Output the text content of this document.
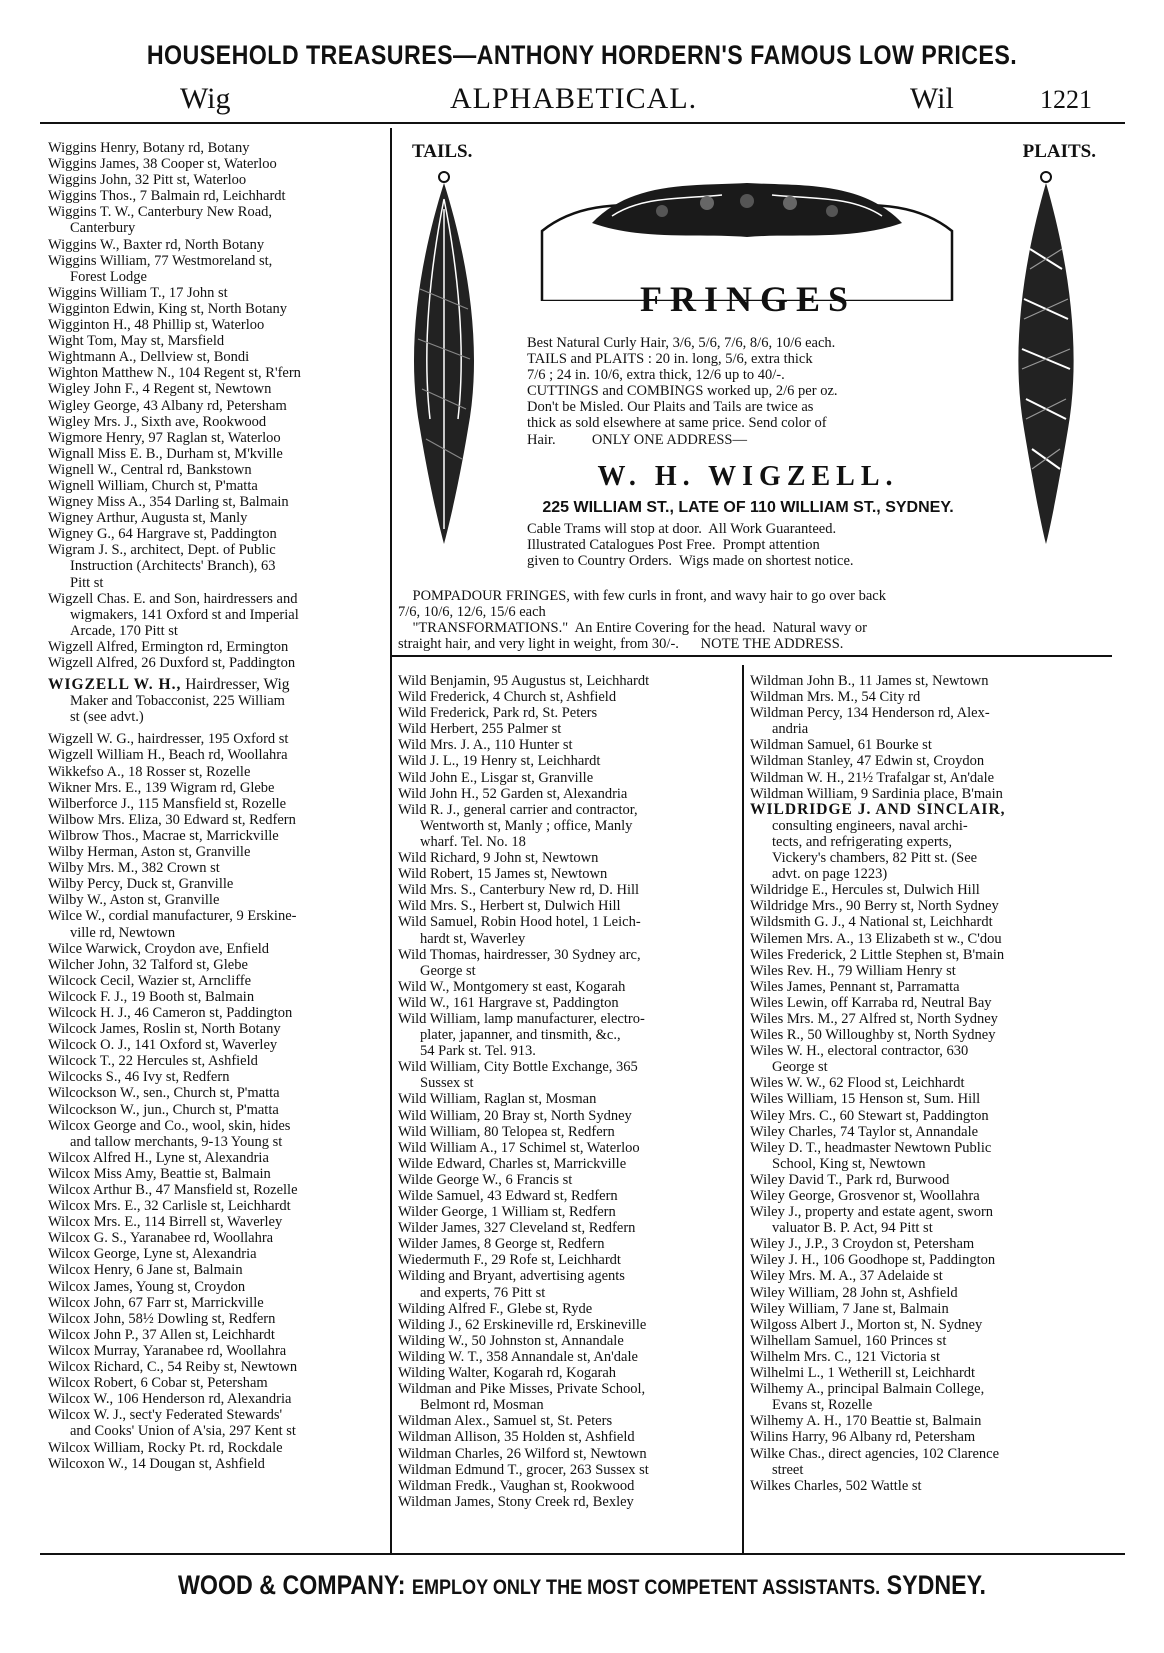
HOUSEHOLD TREASURES—ANTHONY HORDERN'S FAMOUS LOW PRICES.
Wig	ALPHABETICAL.	Wil	1221
Wiggins Henry, Botany rd, Botany
Wiggins James, 38 Cooper st, Waterloo
Wiggins John, 32 Pitt st, Waterloo
Wiggins Thos., 7 Balmain rd, Leichhardt
Wiggins T. W., Canterbury New Road,
Canterbury
Wiggins W., Baxter rd, North Botany
Wiggins William, 77 Westmoreland st,
Forest Lodge
Wiggins William T., 17 John st
Wigginton Edwin, King st, North Botany
Wigginton H., 48 Phillip st, Waterloo
Wight Tom, May st, Marsfield
Wightmann A., Dellview st, Bondi
Wighton Matthew N., 104 Regent st, R'fern
Wigley John F., 4 Regent st, Newtown
Wigley George, 43 Albany rd, Petersham
Wigley Mrs. J., Sixth ave, Rookwood
Wigmore Henry, 97 Raglan st, Waterloo
Wignall Miss E. B., Durham st, M'kville
Wignell W., Central rd, Bankstown
Wignell William, Church st, P'matta
Wigney Miss A., 354 Darling st, Balmain
Wigney Arthur, Augusta st, Manly
Wigney G., 64 Hargrave st, Paddington
Wigram J. S., architect, Dept. of Public
Instruction (Architects' Branch), 63
Pitt st
Wigzell Chas. E. and Son, hairdressers and
wigmakers, 141 Oxford st and Imperial
Arcade, 170 Pitt st
Wigzell Alfred, Ermington rd, Ermington
Wigzell Alfred, 26 Duxford st, Paddington
WIGZELL W. H., Hairdresser, Wig
Maker and Tobacconist, 225 William
st (see advt.)
Wigzell W. G., hairdresser, 195 Oxford st
Wigzell William H., Beach rd, Woollahra
Wikkefso A., 18 Rosser st, Rozelle
Wikner Mrs. E., 139 Wigram rd, Glebe
Wilberforce J., 115 Mansfield st, Rozelle
Wilbow Mrs. Eliza, 30 Edward st, Redfern
Wilbrow Thos., Macrae st, Marrickville
Wilby Herman, Aston st, Granville
Wilby Mrs. M., 382 Crown st
Wilby Percy, Duck st, Granville
Wilby W., Aston st, Granville
Wilce W., cordial manufacturer, 9 Erskine-
ville rd, Newtown
Wilce Warwick, Croydon ave, Enfield
Wilcher John, 32 Talford st, Glebe
Wilcock Cecil, Wazier st, Arncliffe
Wilcock F. J., 19 Booth st, Balmain
Wilcock H. J., 46 Cameron st, Paddington
Wilcock James, Roslin st, North Botany
Wilcock O. J., 141 Oxford st, Waverley
Wilcock T., 22 Hercules st, Ashfield
Wilcocks S., 46 Ivy st, Redfern
Wilcockson W., sen., Church st, P'matta
Wilcockson W., jun., Church st, P'matta
Wilcox George and Co., wool, skin, hides
and tallow merchants, 9-13 Young st
Wilcox Alfred H., Lyne st, Alexandria
Wilcox Miss Amy, Beattie st, Balmain
Wilcox Arthur B., 47 Mansfield st, Rozelle
Wilcox Mrs. E., 32 Carlisle st, Leichhardt
Wilcox Mrs. E., 114 Birrell st, Waverley
Wilcox G. S., Yaranabee rd, Woollahra
Wilcox George, Lyne st, Alexandria
Wilcox Henry, 6 Jane st, Balmain
Wilcox James, Young st, Croydon
Wilcox John, 67 Farr st, Marrickville
Wilcox John, 58½ Dowling st, Redfern
Wilcox John P., 37 Allen st, Leichhardt
Wilcox Murray, Yaranabee rd, Woollahra
Wilcox Richard, C., 54 Reiby st, Newtown
Wilcox Robert, 6 Cobar st, Petersham
Wilcox W., 106 Henderson rd, Alexandria
Wilcox W. J., sect'y Federated Stewards'
and Cooks' Union of A'sia, 297 Kent st
Wilcox William, Rocky Pt. rd, Rockdale
Wilcoxon W., 14 Dougan st, Ashfield
TAILS.	PLAITS.
FRINGES
Best Natural Curly Hair, 3/6, 5/6, 7/6, 8/6, 10/6 each.
TAILS and PLAITS : 20 in. long, 5/6, extra thick
7/6 ; 24 in. 10/6, extra thick, 12/6 up to 40/-.
CUTTINGS and COMBINGS worked up, 2/6 per oz.
Don't be Misled. Our Plaits and Tails are twice as
thick as sold elsewhere at same price. Send color of
Hair.          ONLY ONE ADDRESS—
W. H. WIGZELL.
225 WILLIAM ST., LATE OF 110 WILLIAM ST., SYDNEY.
Cable Trams will stop at door.  All Work Guaranteed.
Illustrated Catalogues Post Free.  Prompt attention
given to Country Orders.  Wigs made on shortest notice.
POMPADOUR FRINGES, with few curls in front, and wavy hair to go over back
7/6, 10/6, 12/6, 15/6 each
"TRANSFORMATIONS."  An Entire Covering for the head.  Natural wavy or
straight hair, and very light in weight, from 30/-.      NOTE THE ADDRESS.
Wild Benjamin, 95 Augustus st, Leichhardt
Wild Frederick, 4 Church st, Ashfield
Wild Frederick, Park rd, St. Peters
Wild Herbert, 255 Palmer st
Wild Mrs. J. A., 110 Hunter st
Wild J. L., 19 Henry st, Leichhardt
Wild John E., Lisgar st, Granville
Wild John H., 52 Garden st, Alexandria
Wild R. J., general carrier and contractor,
Wentworth st, Manly ; office, Manly
wharf. Tel. No. 18
Wild Richard, 9 John st, Newtown
Wild Robert, 15 James st, Newtown
Wild Mrs. S., Canterbury New rd, D. Hill
Wild Mrs. S., Herbert st, Dulwich Hill
Wild Samuel, Robin Hood hotel, 1 Leich-
hardt st, Waverley
Wild Thomas, hairdresser, 30 Sydney arc,
George st
Wild W., Montgomery st east, Kogarah
Wild W., 161 Hargrave st, Paddington
Wild William, lamp manufacturer, electro-
plater, japanner, and tinsmith, &c.,
54 Park st. Tel. 913.
Wild William, City Bottle Exchange, 365
Sussex st
Wild William, Raglan st, Mosman
Wild William, 20 Bray st, North Sydney
Wild William, 80 Telopea st, Redfern
Wild William A., 17 Schimel st, Waterloo
Wilde Edward, Charles st, Marrickville
Wilde George W., 6 Francis st
Wilde Samuel, 43 Edward st, Redfern
Wilder George, 1 William st, Redfern
Wilder James, 327 Cleveland st, Redfern
Wilder James, 8 George st, Redfern
Wiedermuth F., 29 Rofe st, Leichhardt
Wilding and Bryant, advertising agents
and experts, 76 Pitt st
Wilding Alfred F., Glebe st, Ryde
Wilding J., 62 Erskineville rd, Erskineville
Wilding W., 50 Johnston st, Annandale
Wilding W. T., 358 Annandale st, An'dale
Wilding Walter, Kogarah rd, Kogarah
Wildman and Pike Misses, Private School,
Belmont rd, Mosman
Wildman Alex., Samuel st, St. Peters
Wildman Allison, 35 Holden st, Ashfield
Wildman Charles, 26 Wilford st, Newtown
Wildman Edmund T., grocer, 263 Sussex st
Wildman Fredk., Vaughan st, Rookwood
Wildman James, Stony Creek rd, Bexley
Wildman John B., 11 James st, Newtown
Wildman Mrs. M., 54 City rd
Wildman Percy, 134 Henderson rd, Alex-
andria
Wildman Samuel, 61 Bourke st
Wildman Stanley, 47 Edwin st, Croydon
Wildman W. H., 21½ Trafalgar st, An'dale
Wildman William, 9 Sardinia place, B'main
WILDRIDGE J. AND SINCLAIR,
consulting engineers, naval archi-
tects, and refrigerating experts,
Vickery's chambers, 82 Pitt st. (See
advt. on page 1223)
Wildridge E., Hercules st, Dulwich Hill
Wildridge Mrs., 90 Berry st, North Sydney
Wildsmith G. J., 4 National st, Leichhardt
Wilemen Mrs. A., 13 Elizabeth st w., C'dou
Wiles Frederick, 2 Little Stephen st, B'main
Wiles Rev. H., 79 William Henry st
Wiles James, Pennant st, Parramatta
Wiles Lewin, off Karraba rd, Neutral Bay
Wiles Mrs. M., 27 Alfred st, North Sydney
Wiles R., 50 Willoughby st, North Sydney
Wiles W. H., electoral contractor, 630
George st
Wiles W. W., 62 Flood st, Leichhardt
Wiles William, 15 Henson st, Sum. Hill
Wiley Mrs. C., 60 Stewart st, Paddington
Wiley Charles, 74 Taylor st, Annandale
Wiley D. T., headmaster Newtown Public
School, King st, Newtown
Wiley David T., Park rd, Burwood
Wiley George, Grosvenor st, Woollahra
Wiley J., property and estate agent, sworn
valuator B. P. Act, 94 Pitt st
Wiley J., J.P., 3 Croydon st, Petersham
Wiley J. H., 106 Goodhope st, Paddington
Wiley Mrs. M. A., 37 Adelaide st
Wiley William, 28 John st, Ashfield
Wiley William, 7 Jane st, Balmain
Wilgoss Albert J., Morton st, N. Sydney
Wilhellam Samuel, 160 Princes st
Wilhelm Mrs. C., 121 Victoria st
Wilhelmi L., 1 Wetherill st, Leichhardt
Wilhemy A., principal Balmain College,
Evans st, Rozelle
Wilhemy A. H., 170 Beattie st, Balmain
Wilins Harry, 96 Albany rd, Petersham
Wilke Chas., direct agencies, 102 Clarence
street
Wilkes Charles, 502 Wattle st
WOOD & COMPANY: EMPLOY ONLY THE MOST COMPETENT ASSISTANTS. SYDNEY.
